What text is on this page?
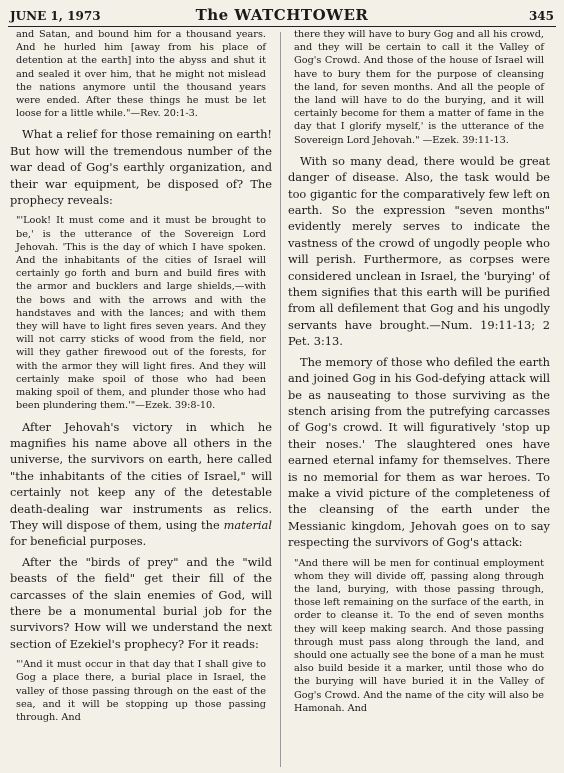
JUNE 1, 1973	The WATCHTOWER	345

and Satan, and bound him for a thousand years. And he hurled him [away from his place of detention at the earth] into the abyss and shut it and sealed it over him, that he might not mislead the nations anymore until the thousand years were ended. After these things he must be let loose for a little while."—Rev. 20:1-3.

What a relief for those remaining on earth! But how will the tremendous number of the war dead of Gog's earthly organization, and their war equipment, be disposed of? The prophecy reveals:

"'Look! It must come and it must be brought to be,' is the utterance of the Sovereign Lord Jehovah. 'This is the day of which I have spoken. And the inhabitants of the cities of Israel will certainly go forth and burn and build fires with the armor and bucklers and large shields,—with the bows and with the arrows and with the handstaves and with the lances; and with them they will have to light fires seven years. And they will not carry sticks of wood from the field, nor will they gather firewood out of the forests, for with the armor they will light fires. And they will certainly make spoil of those who had been making spoil of them, and plunder those who had been plundering them.'"—Ezek. 39:8-10.

After Jehovah's victory in which he magnifies his name above all others in the universe, the survivors on earth, here called "the inhabitants of the cities of Israel," will certainly not keep any of the detestable death-dealing war instruments as relics. They will dispose of them, using the material for beneficial purposes.

After the "birds of prey" and the "wild beasts of the field" get their fill of the carcasses of the slain enemies of God, will there be a monumental burial job for the survivors? How will we understand the next section of Ezekiel's prophecy? For it reads:

"'And it must occur in that day that I shall give to Gog a place there, a burial place in Israel, the valley of those passing through on the east of the sea, and it will be stopping up those passing through. And

there they will have to bury Gog and all his crowd, and they will be certain to call it the Valley of Gog's Crowd. And those of the house of Israel will have to bury them for the purpose of cleansing the land, for seven months. And all the people of the land will have to do the burying, and it will certainly become for them a matter of fame in the day that I glorify myself,' is the utterance of the Sovereign Lord Jehovah." —Ezek. 39:11-13.

With so many dead, there would be great danger of disease. Also, the task would be too gigantic for the comparatively few left on earth. So the expression "seven months" evidently merely serves to indicate the vastness of the crowd of ungodly people who will perish. Furthermore, as corpses were considered unclean in Israel, the 'burying' of them signifies that this earth will be purified from all defilement that Gog and his ungodly servants have brought.—Num. 19:11-13; 2 Pet. 3:13.

The memory of those who defiled the earth and joined Gog in his God-defying attack will be as nauseating to those surviving as the stench arising from the putrefying carcasses of Gog's crowd. It will figuratively 'stop up their noses.' The slaughtered ones have earned eternal infamy for themselves. There is no memorial for them as war heroes. To make a vivid picture of the completeness of the cleansing of the earth under the Messianic kingdom, Jehovah goes on to say respecting the survivors of Gog's attack:

"And there will be men for continual employment whom they will divide off, passing along through the land, burying, with those passing through, those left remaining on the surface of the earth, in order to cleanse it. To the end of seven months they will keep making search. And those passing through must pass along through the land, and should one actually see the bone of a man he must also build beside it a marker, until those who do the burying will have buried it in the Valley of Gog's Crowd. And the name of the city will also be Hamonah. And
